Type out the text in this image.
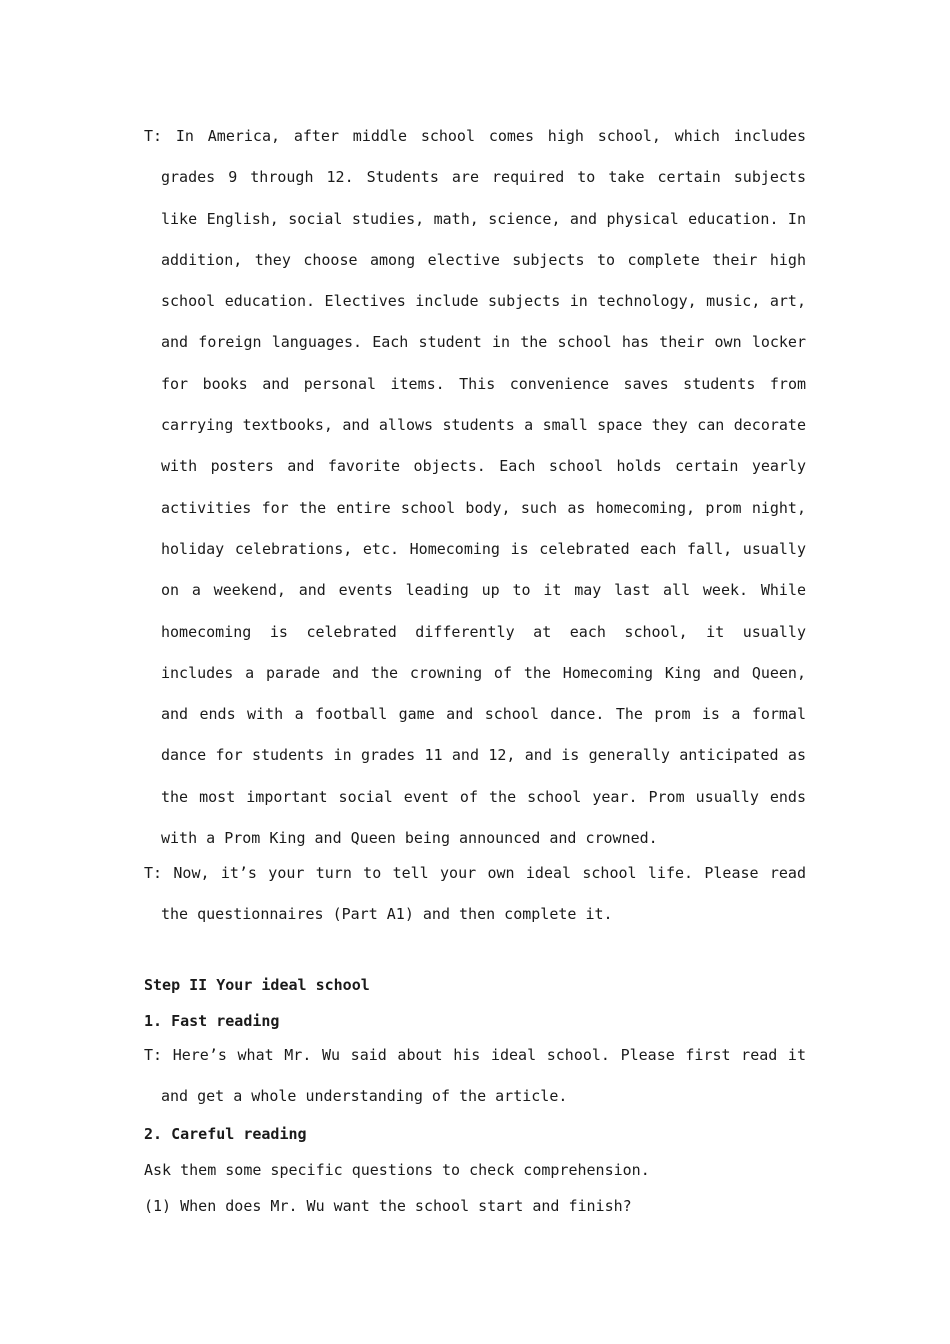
T: In America, after middle school comes high school, which includes grades 9 through 12. Students are required to take certain subjects like English, social studies, math, science, and physical education. In addition, they choose among elective subjects to complete their high school education. Electives include subjects in technology, music, art, and foreign languages. Each student in the school has their own locker for books and personal items. This convenience saves students from carrying textbooks, and allows students a small space they can decorate with posters and favorite objects. Each school holds certain yearly activities for the entire school body, such as homecoming, prom night, holiday celebrations, etc. Homecoming is celebrated each fall, usually on a weekend, and events leading up to it may last all week. While homecoming is celebrated differently at each school, it usually includes a parade and the crowning of the Homecoming King and Queen, and ends with a football game and school dance. The prom is a formal dance for students in grades 11 and 12, and is generally anticipated as the most important social event of the school year. Prom usually ends with a Prom King and Queen being announced and crowned.

T: Now, it’s your turn to tell your own ideal school life. Please read the questionnaires (Part A1) and then complete it.

Step II Your ideal school

1. Fast reading

T: Here’s what Mr. Wu said about his ideal school. Please first read it and get a whole understanding of the article.

2. Careful reading

Ask them some specific questions to check comprehension.

(1) When does Mr. Wu want the school start and finish?
